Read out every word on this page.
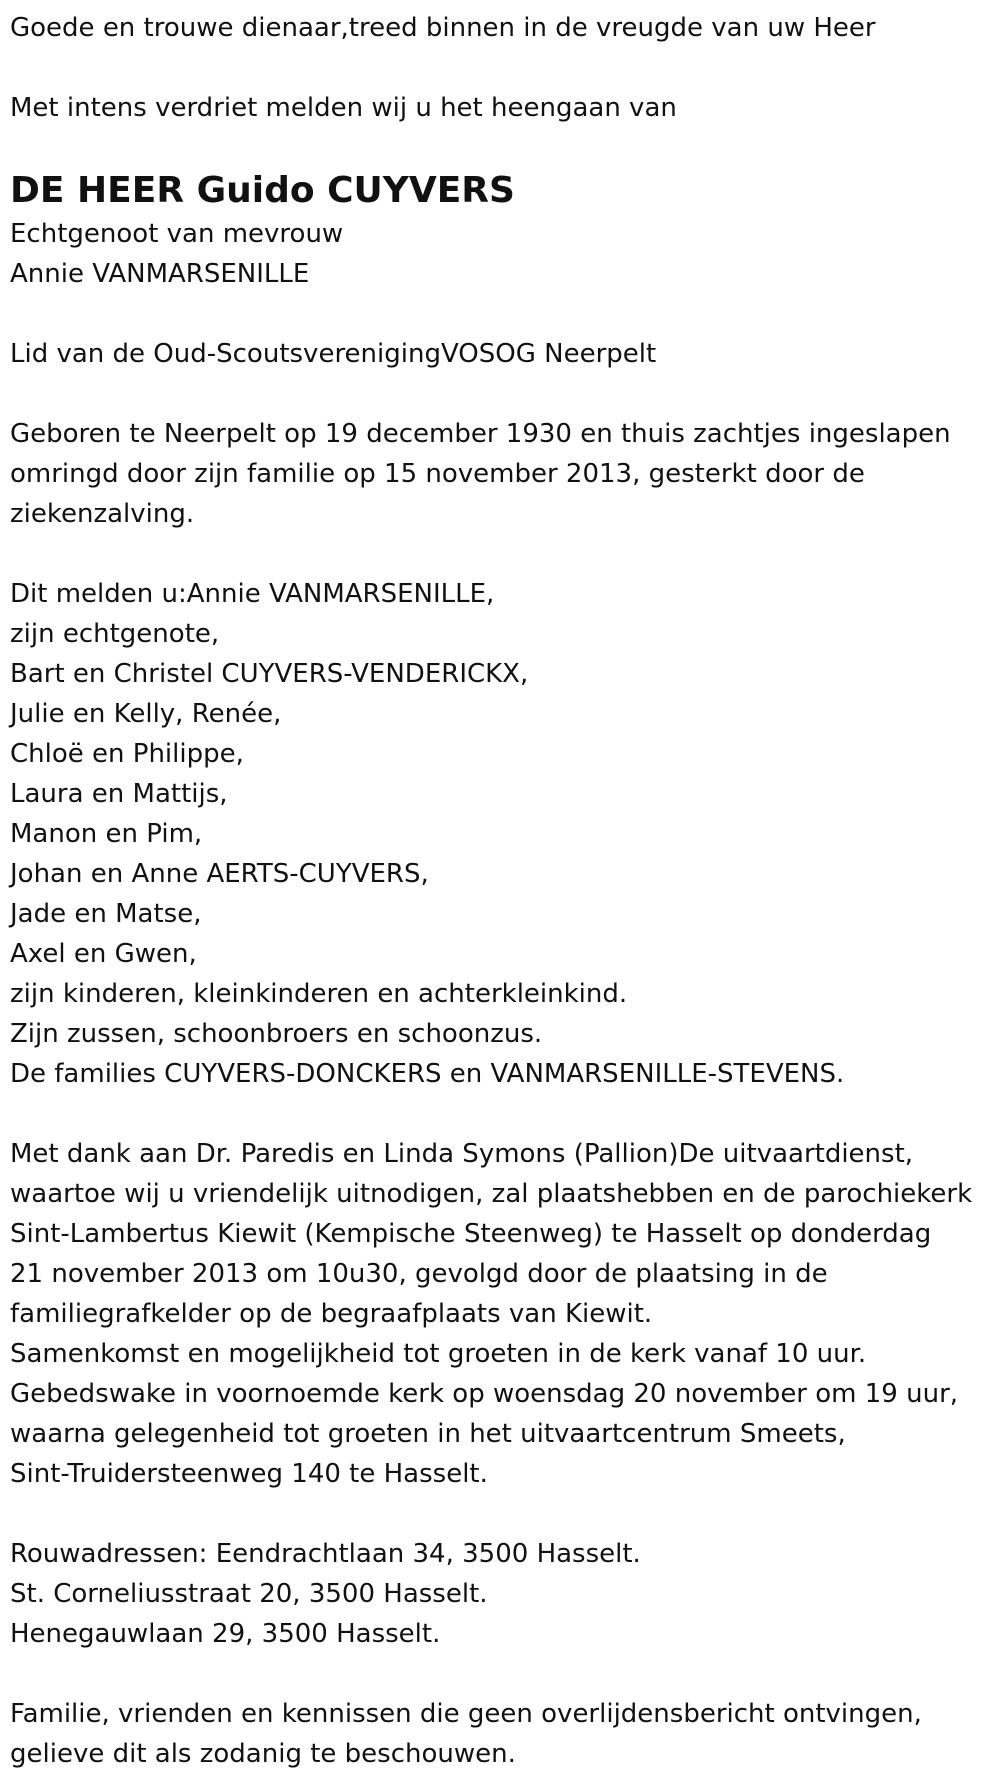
Goede en trouwe dienaar,treed binnen in de vreugde van uw Heer

Met intens verdriet melden wij u het heengaan van

DE HEER Guido CUYVERS

Echtgenoot van mevrouw

Annie VANMARSENILLE

Lid van de Oud-ScoutsverenigingVOSOG Neerpelt

Geboren te Neerpelt op 19 december 1930 en thuis zachtjes ingeslapen

omringd door zijn familie op 15 november 2013, gesterkt door de

ziekenzalving.

Dit melden u:Annie VANMARSENILLE,

zijn echtgenote,

Bart en Christel CUYVERS-VENDERICKX,

Julie en Kelly, Renée,

Chloë en Philippe,

Laura en Mattijs,

Manon en Pim,

Johan en Anne AERTS-CUYVERS,

Jade en Matse,

Axel en Gwen,

zijn kinderen, kleinkinderen en achterkleinkind.

Zijn zussen, schoonbroers en schoonzus.

De families CUYVERS-DONCKERS en VANMARSENILLE-STEVENS.

Met dank aan Dr. Paredis en Linda Symons (Pallion)De uitvaartdienst,

waartoe wij u vriendelijk uitnodigen, zal plaatshebben en de parochiekerk

Sint-Lambertus Kiewit (Kempische Steenweg) te Hasselt op donderdag

21 november 2013 om 10u30, gevolgd door de plaatsing in de

familiegrafkelder op de begraafplaats van Kiewit.

Samenkomst en mogelijkheid tot groeten in de kerk vanaf 10 uur.

Gebedswake in voornoemde kerk op woensdag 20 november om 19 uur,

waarna gelegenheid tot groeten in het uitvaartcentrum Smeets,

Sint-Truidersteenweg 140 te Hasselt.

Rouwadressen: Eendrachtlaan 34, 3500 Hasselt.

St. Corneliusstraat 20, 3500 Hasselt.

Henegauwlaan 29, 3500 Hasselt.

Familie, vrienden en kennissen die geen overlijdensbericht ontvingen,

gelieve dit als zodanig te beschouwen.
